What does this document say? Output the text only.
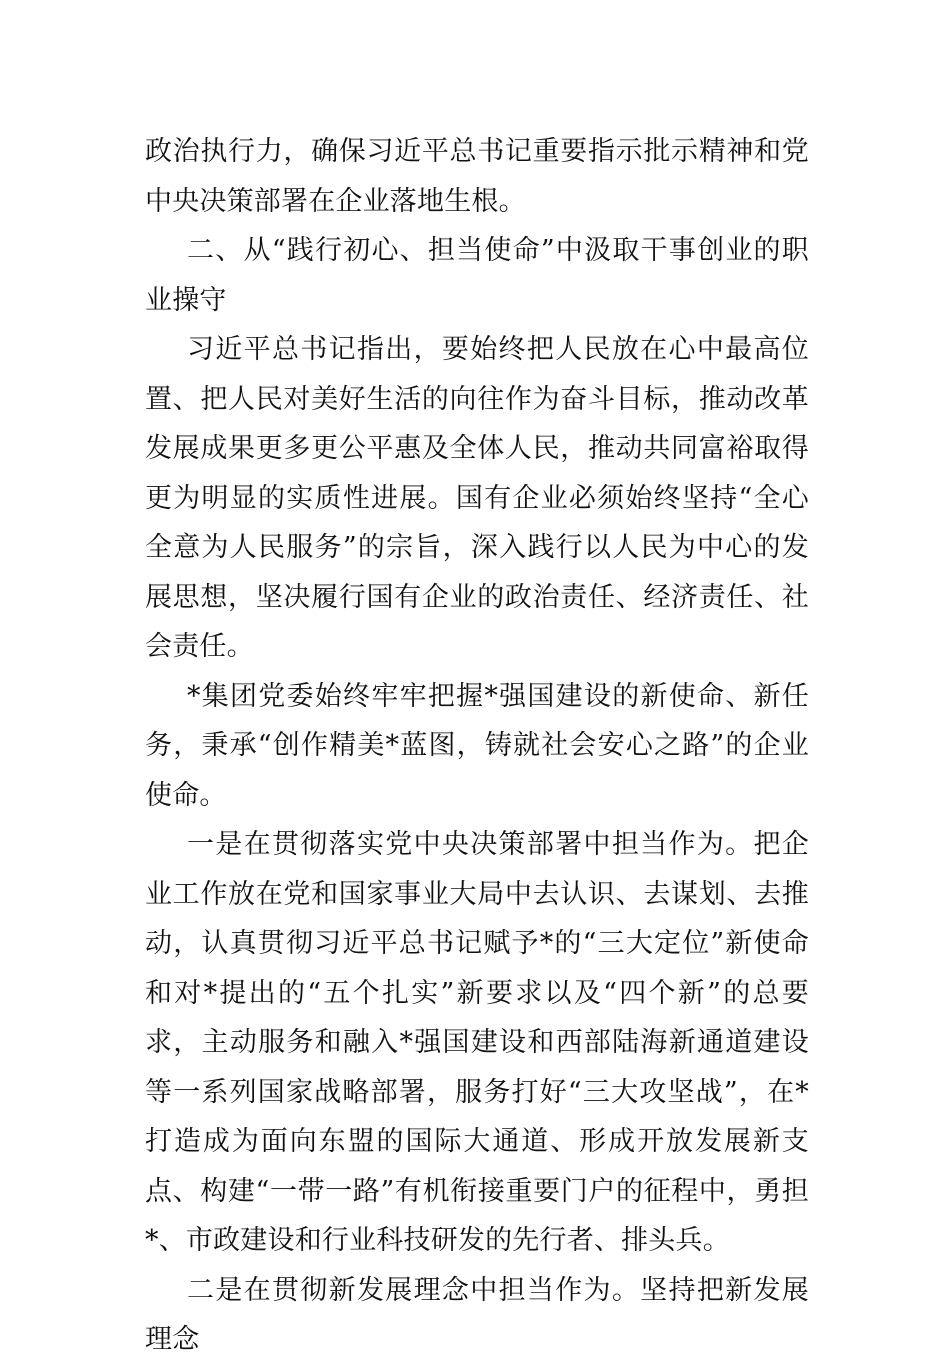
政治执行力，确保习近平总书记重要指示批示精神和党中央决策部署在企业落地生根。

二、从“践行初心、担当使命”中汲取干事创业的职业操守

习近平总书记指出，要始终把人民放在心中最高位置、把人民对美好生活的向往作为奋斗目标，推动改革发展成果更多更公平惠及全体人民，推动共同富裕取得更为明显的实质性进展。国有企业必须始终坚持“全心全意为人民服务”的宗旨，深入践行以人民为中心的发展思想，坚决履行国有企业的政治责任、经济责任、社会责任。

*集团党委始终牢牢把握*强国建设的新使命、新任务，秉承“创作精美*蓝图，铸就社会安心之路”的企业使命。

一是在贯彻落实党中央决策部署中担当作为。把企业工作放在党和国家事业大局中去认识、去谋划、去推动，认真贯彻习近平总书记赋予*的“三大定位”新使命和对*提出的“五个扎实”新要求以及“四个新”的总要求，主动服务和融入*强国建设和西部陆海新通道建设等一系列国家战略部署，服务打好“三大攻坚战”，在*打造成为面向东盟的国际大通道、形成开放发展新支点、构建“一带一路”有机衔接重要门户的征程中，勇担*、市政建设和行业科技研发的先行者、排头兵。

二是在贯彻新发展理念中担当作为。坚持把新发展理念
